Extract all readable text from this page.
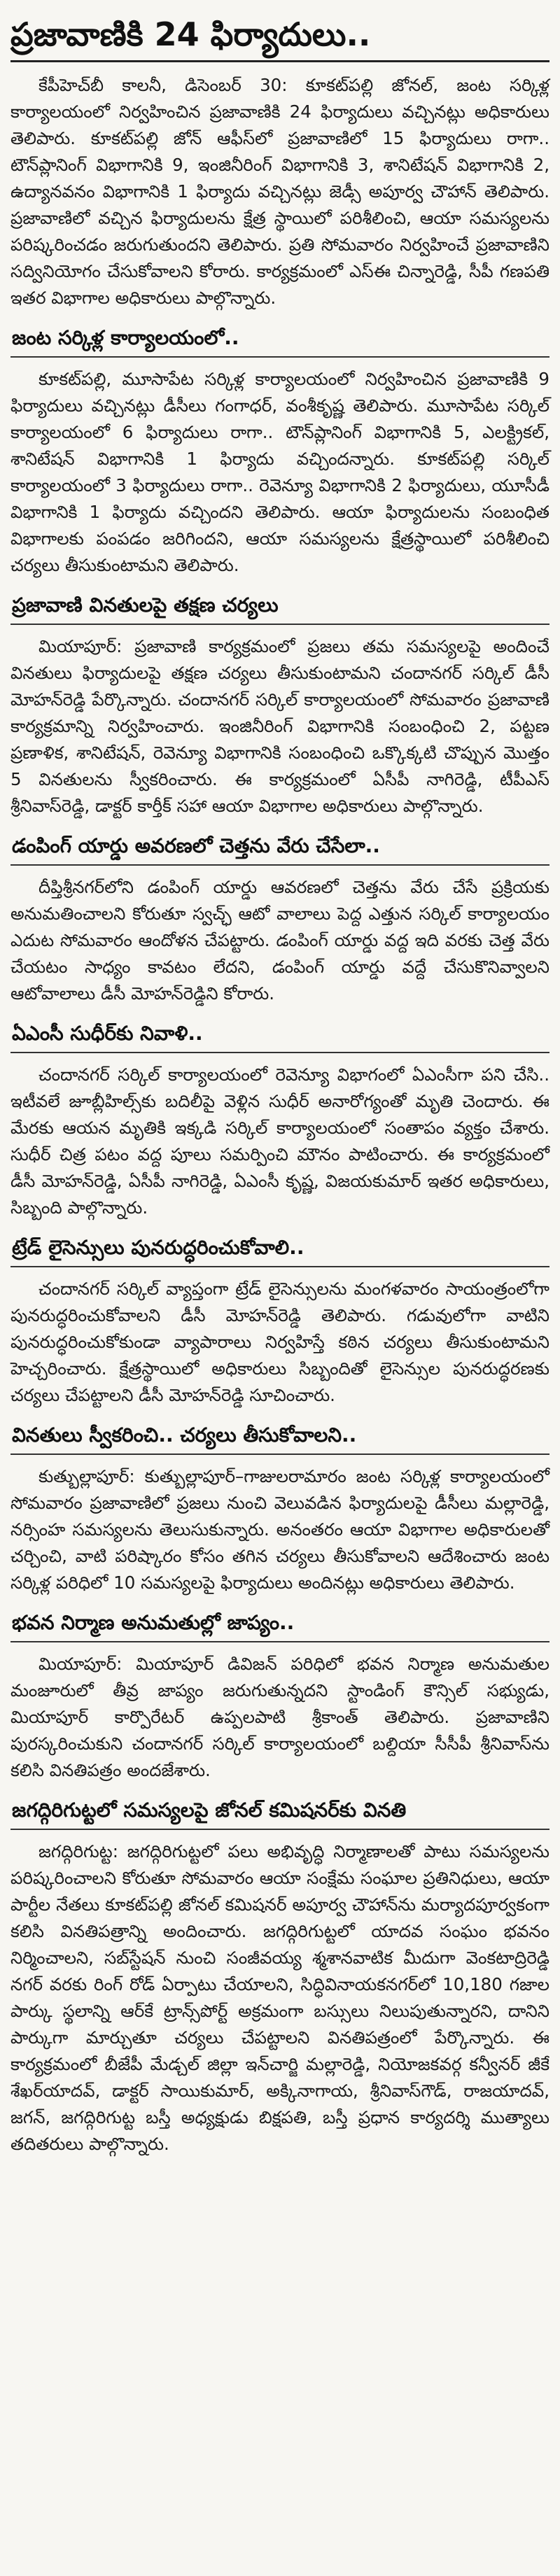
ప్రజావాణికి 24 ఫిర్యాదులు..

కేపీహెచ్‌బీ కాలనీ, డిసెంబర్ 30: కూకట్‌పల్లి జోనల్, జంట సర్కిళ్ల కార్యాలయంలో నిర్వహించిన ప్రజావాణికి 24 ఫిర్యాదులు వచ్చినట్లు అధికారులు తెలిపారు. కూకట్‌పల్లి జోన్ ఆఫీస్‌లో ప్రజావాణిలో 15 ఫిర్యాదులు రాగా.. టౌన్‌ప్లానింగ్ విభాగానికి 9, ఇంజినీరింగ్ విభాగానికి 3, శానిటేషన్ విభాగానికి 2, ఉద్యానవనం విభాగానికి 1 ఫిర్యాదు వచ్చినట్లు జెడ్సీ అపూర్వ చౌహాన్ తెలిపారు. ప్రజావాణిలో వచ్చిన ఫిర్యాదులను క్షేత్ర స్థాయిలో పరిశీలించి, ఆయా సమస్యలను పరిష్కరించడం జరుగుతుందని తెలిపారు. ప్రతి సోమవారం నిర్వహించే ప్రజావాణిని సద్వినియోగం చేసుకోవాలని కోరారు. కార్యక్రమంలో ఎస్‌ఈ చిన్నారెడ్డి, సీపీ గణపతి ఇతర విభాగాల అధికారులు పాల్గొన్నారు.

జంట సర్కిళ్ల కార్యాలయంలో..

కూకట్‌పల్లి, మూసాపేట సర్కిళ్ల కార్యాలయంలో నిర్వహించిన ప్రజావాణికి 9 ఫిర్యాదులు వచ్చినట్లు డీసీలు గంగాధర్, వంశీకృష్ణ తెలిపారు. మూసాపేట సర్కిల్ కార్యాలయంలో 6 ఫిర్యాదులు రాగా.. టౌన్‌ప్లానింగ్ విభాగానికి 5, ఎలక్ట్రికల్, శానిటేషన్ విభాగానికి 1 ఫిర్యాదు వచ్చిందన్నారు. కూకట్‌పల్లి సర్కిల్ కార్యాలయంలో 3 ఫిర్యాదులు రాగా.. రెవెన్యూ విభాగానికి 2 ఫిర్యాదులు, యూసీడీ విభాగానికి 1 ఫిర్యాదు వచ్చిందని తెలిపారు. ఆయా ఫిర్యాదులను సంబంధిత విభాగాలకు పంపడం జరిగిందని, ఆయా సమస్యలను క్షేత్రస్థాయిలో పరిశీలించి చర్యలు తీసుకుంటామని తెలిపారు.

ప్రజావాణి వినతులపై తక్షణ చర్యలు

మియాపూర్: ప్రజావాణి కార్యక్రమంలో ప్రజలు తమ సమస్యలపై అందించే వినతులు ఫిర్యాదులపై తక్షణ చర్యలు తీసుకుంటామని చందానగర్ సర్కిల్ డీసీ మోహన్‌రెడ్డి పేర్కొన్నారు. చందానగర్ సర్కిల్ కార్యాలయంలో సోమవారం ప్రజావాణి కార్యక్రమాన్ని నిర్వహించారు. ఇంజినీరింగ్ విభాగానికి సంబంధించి 2, పట్టణ ప్రణాళిక, శానిటేషన్, రెవెన్యూ విభాగానికి సంబంధించి ఒక్కొక్కటి చొప్పున మొత్తం 5 వినతులను స్వీకరించారు. ఈ కార్యక్రమంలో ఏసీపీ నాగిరెడ్డి, టీపీఎస్ శ్రీనివాస్‌రెడ్డి, డాక్టర్ కార్తీక్ సహా ఆయా విభాగాల అధికారులు పాల్గొన్నారు.

డంపింగ్ యార్డు అవరణలో చెత్తను వేరు చేసేలా..

దీప్తిశ్రీనగర్‌లోని డంపింగ్ యార్డు ఆవరణలో చెత్తను వేరు చేసే ప్రక్రియకు అనుమతించాలని కోరుతూ స్వచ్ఛ్ ఆటో వాలాలు పెద్ద ఎత్తున సర్కిల్ కార్యాలయం ఎదుట సోమవారం ఆందోళన చేపట్టారు. డంపింగ్ యార్డు వద్ద ఇది వరకు చెత్త వేరు చేయటం సాధ్యం కావటం లేదని, డంపింగ్ యార్డు వద్దే చేసుకొనివ్వాలని ఆటోవాలాలు డీసీ మోహన్‌రెడ్డిని కోరారు.

ఏఎంసీ సుధీర్‌కు నివాళి..

చందానగర్ సర్కిల్ కార్యాలయంలో రెవెన్యూ విభాగంలో ఏఎంసీగా పని చేసి.. ఇటీవలే జూబ్లీహిల్స్‌కు బదిలీపై వెళ్లిన సుధీర్ అనారోగ్యంతో మృతి చెందారు. ఈ మేరకు ఆయన మృతికి ఇక్కడి సర్కిల్ కార్యాలయంలో సంతాపం వ్యక్తం చేశారు. సుధీర్ చిత్ర పటం వద్ద పూలు సమర్పించి మౌనం పాటించారు. ఈ కార్యక్రమంలో డీసీ మోహన్‌రెడ్డి, ఏసీపీ నాగిరెడ్డి, ఏఎంసీ కృష్ణ, విజయకుమార్ ఇతర అధికారులు, సిబ్బంది పాల్గొన్నారు.

ట్రేడ్ లైసెన్సులు పునరుద్ధరించుకోవాలి..

చందానగర్ సర్కిల్ వ్యాప్తంగా ట్రేడ్ లైసెన్సులను మంగళవారం సాయంత్రంలోగా పునరుద్ధరించుకోవాలని డీసీ మోహన్‌రెడ్డి తెలిపారు. గడువులోగా వాటిని పునరుద్ధరించుకోకుండా వ్యాపారాలు నిర్వహిస్తే కఠిన చర్యలు తీసుకుంటామని హెచ్చరించారు. క్షేత్రస్థాయిలో అధికారులు సిబ్బందితో లైసెన్సుల పునరుద్ధరణకు చర్యలు చేపట్టాలని డీసీ మోహన్‌రెడ్డి సూచించారు.

వినతులు స్వీకరించి.. చర్యలు తీసుకోవాలని..

కుత్బుల్లాపూర్: కుత్బుల్లాపూర్–గాజులరామారం జంట సర్కిళ్ల కార్యాలయంలో సోమవారం ప్రజావాణిలో ప్రజలు నుంచి వెలువడిన ఫిర్యాదులపై డీసీలు మల్లారెడ్డి, నర్సింహ సమస్యలను తెలుసుకున్నారు. అనంతరం ఆయా విభాగాల అధికారులతో చర్చించి, వాటి పరిష్కారం కోసం తగిన చర్యలు తీసుకోవాలని ఆదేశించారు జంట సర్కిళ్ల పరిధిలో 10 సమస్యలపై ఫిర్యాదులు అందినట్లు అధికారులు తెలిపారు.

భవన నిర్మాణ అనుమతుల్లో జాప్యం..

మియాపూర్: మియాపూర్ డివిజన్ పరిధిలో భవన నిర్మాణ అనుమతుల మంజూరులో తీవ్ర జాప్యం జరుగుతున్నదని స్టాండింగ్ కౌన్సిల్ సభ్యుడు, మియాపూర్ కార్పొరేటర్ ఉప్పలపాటి శ్రీకాంత్ తెలిపారు. ప్రజావాణిని పురస్కరించుకుని చందానగర్ సర్కిల్ కార్యాలయంలో బల్దియా సీసీపీ శ్రీనివాస్‌ను కలిసి వినతిపత్రం అందజేశారు.

జగద్గిరిగుట్టలో సమస్యలపై జోనల్ కమిషనర్‌కు వినతి

జగద్గిరిగుట్ట: జగద్గిరిగుట్టలో పలు అభివృద్ధి నిర్మాణాలతో పాటు సమస్యలను పరిష్కరించాలని కోరుతూ సోమవారం ఆయా సంక్షేమ సంఘాల ప్రతినిధులు, ఆయా పార్టీల నేతలు కూకట్‌పల్లి జోనల్ కమిషనర్ అపూర్వ చౌహాన్‌ను మర్యాదపూర్వకంగా కలిసి వినతిపత్రాన్ని అందించారు. జగద్గిరిగుట్టలో యాదవ సంఘం భవనం నిర్మించాలని, సబ్‌స్టేషన్ నుంచి సంజీవయ్య శ్మశానవాటిక మీదుగా వెంకటాద్రిరెడ్డి నగర్ వరకు రింగ్ రోడ్ ఏర్పాటు చేయాలని, సిద్ధివినాయకనగర్‌లో 10,180 గజాల పార్కు స్థలాన్ని ఆర్‌కే ట్రాన్స్‌పోర్ట్ అక్రమంగా బస్సులు నిలుపుతున్నారని, దానిని పార్కుగా మార్చుతూ చర్యలు చేపట్టాలని వినతిపత్రంలో పేర్కొన్నారు. ఈ కార్యక్రమంలో బీజేపీ మేడ్చల్ జిల్లా ఇన్‌చార్జి మల్లారెడ్డి, నియోజకవర్గ కన్వీనర్ జీకే శేఖర్‌యాదవ్, డాక్టర్ సాయికుమార్, అక్కినాగాయ, శ్రీనివాస్‌గౌడ్, రాజయాదవ్, జగన్, జగద్గిరిగుట్ట బస్తీ అధ్యక్షుడు బిక్షపతి, బస్తీ ప్రధాన కార్యదర్శి ముత్యాలు తదితరులు పాల్గొన్నారు.
